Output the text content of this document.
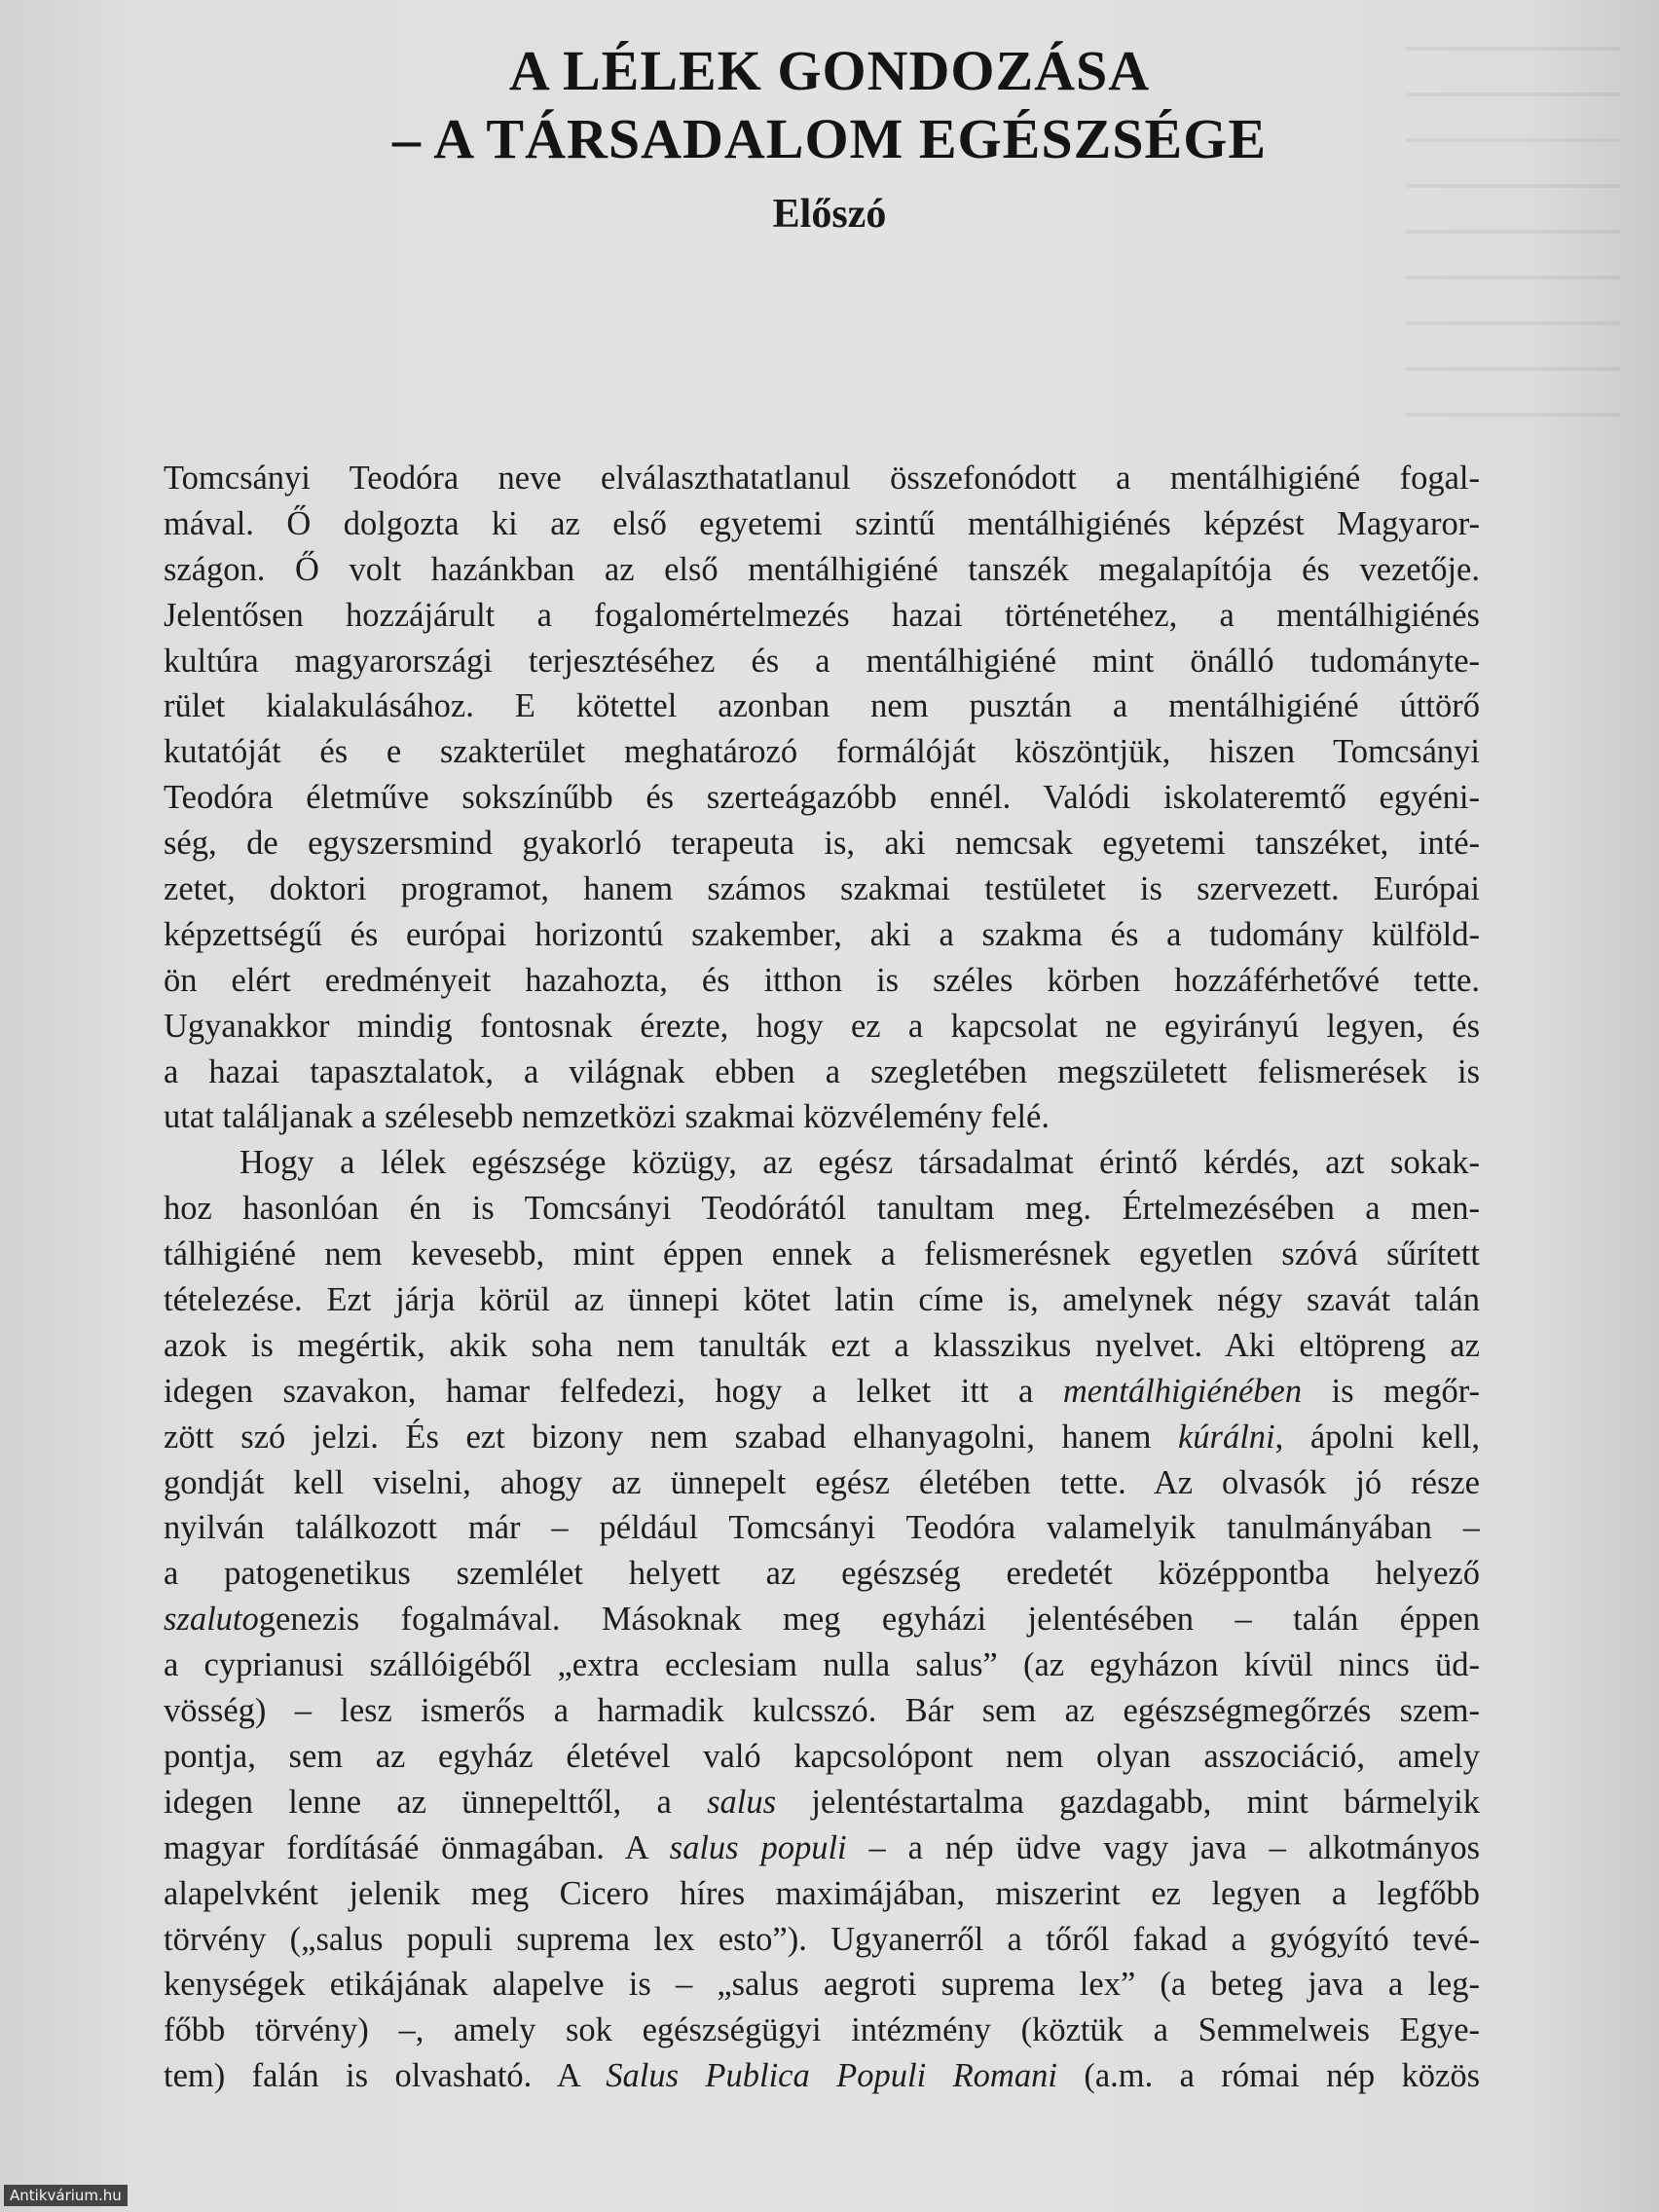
A LÉLEK GONDOZÁSA
– A TÁRSADALOM EGÉSZSÉGE
Előszó
Tomcsányi Teodóra neve elválaszthatatlanul összefonódott a mentálhigiéné fogal-
mával. Ő dolgozta ki az első egyetemi szintű mentálhigiénés képzést Magyaror-
szágon. Ő volt hazánkban az első mentálhigiéné tanszék megalapítója és vezetője.
Jelentősen hozzájárult a fogalomértelmezés hazai történetéhez, a mentálhigiénés
kultúra magyarországi terjesztéséhez és a mentálhigiéné mint önálló tudományte-
rület kialakulásához. E kötettel azonban nem pusztán a mentálhigiéné úttörő
kutatóját és e szakterület meghatározó formálóját köszöntjük, hiszen Tomcsányi
Teodóra életműve sokszínűbb és szerteágazóbb ennél. Valódi iskolateremtő egyéni-
ség, de egyszersmind gyakorló terapeuta is, aki nemcsak egyetemi tanszéket, inté-
zetet, doktori programot, hanem számos szakmai testületet is szervezett. Európai
képzettségű és európai horizontú szakember, aki a szakma és a tudomány külföld-
ön elért eredményeit hazahozta, és itthon is széles körben hozzáférhetővé tette.
Ugyanakkor mindig fontosnak érezte, hogy ez a kapcsolat ne egyirányú legyen, és
a hazai tapasztalatok, a világnak ebben a szegletében megszületett felismerések is
utat találjanak a szélesebb nemzetközi szakmai közvélemény felé.
Hogy a lélek egészsége közügy, az egész társadalmat érintő kérdés, azt sokak-
hoz hasonlóan én is Tomcsányi Teodórától tanultam meg. Értelmezésében a men-
tálhigiéné nem kevesebb, mint éppen ennek a felismerésnek egyetlen szóvá sűrített
tételezése. Ezt járja körül az ünnepi kötet latin címe is, amelynek négy szavát talán
azok is megértik, akik soha nem tanulták ezt a klasszikus nyelvet. Aki eltöpreng az
idegen szavakon, hamar felfedezi, hogy a lelket itt a mentálhigiénében is megőr-
zött szó jelzi. És ezt bizony nem szabad elhanyagolni, hanem kúrálni, ápolni kell,
gondját kell viselni, ahogy az ünnepelt egész életében tette. Az olvasók jó része
nyilván találkozott már – például Tomcsányi Teodóra valamelyik tanulmányában –
a patogenetikus szemlélet helyett az egészség eredetét középpontba helyező
szalutogenezis fogalmával. Másoknak meg egyházi jelentésében – talán éppen
a cyprianusi szállóigéből „extra ecclesiam nulla salus” (az egyházon kívül nincs üd-
vösség) – lesz ismerős a harmadik kulcsszó. Bár sem az egészségmegőrzés szem-
pontja, sem az egyház életével való kapcsolópont nem olyan asszociáció, amely
idegen lenne az ünnepelttől, a salus jelentéstartalma gazdagabb, mint bármelyik
magyar fordításáé önmagában. A salus populi – a nép üdve vagy java – alkotmányos
alapelvként jelenik meg Cicero híres maximájában, miszerint ez legyen a legfőbb
törvény („salus populi suprema lex esto”). Ugyanerről a tőről fakad a gyógyító tevé-
kenységek etikájának alapelve is – „salus aegroti suprema lex” (a beteg java a leg-
főbb törvény) –, amely sok egészségügyi intézmény (köztük a Semmelweis Egye-
tem) falán is olvasható. A Salus Publica Populi Romani (a.m. a római nép közös
Antikvárium.hu
